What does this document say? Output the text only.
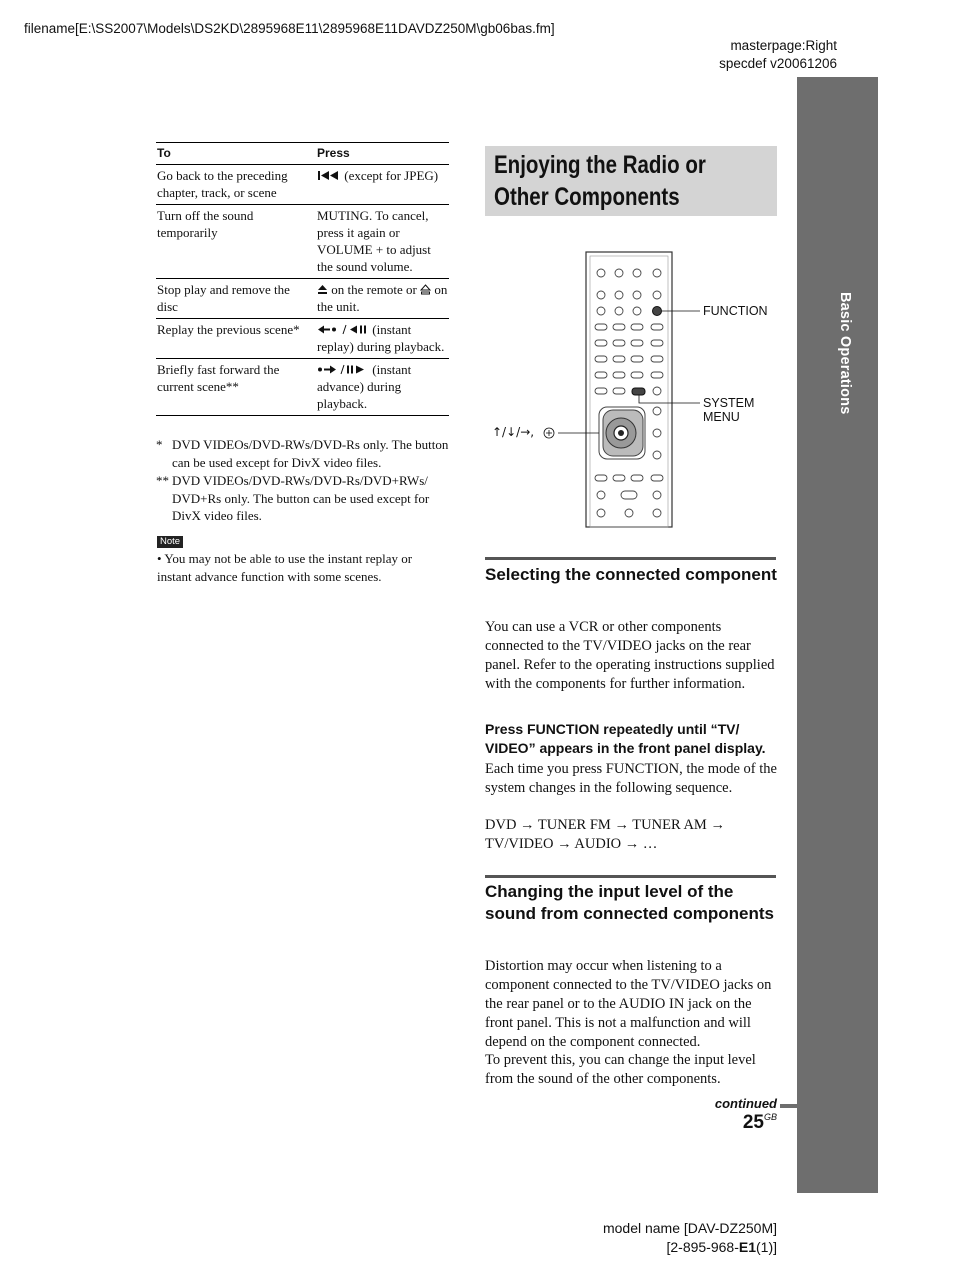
filename[E:\SS2007\Models\DS2KD\2895968E11\2895968E11DAVDZ250M\gb06bas.fm]
masterpage:Right
specdef v20061206
Basic Operations
To	Press
Go back to the preceding chapter, track, or scene	(except for JPEG)
Turn off the sound temporarily	MUTING. To cancel, press it again or VOLUME + to adjust the sound volume.
Stop play and remove the disc	on the remote or on the unit.
Replay the previous scene*	(instant replay) during playback.
Briefly fast forward the current scene**	(instant advance) during playback.
* DVD VIDEOs/DVD-RWs/DVD-Rs only. The button can be used except for DivX video files.
** DVD VIDEOs/DVD-RWs/DVD-Rs/DVD+RWs/ DVD+Rs only. The button can be used except for DivX video files.
Note
• You may not be able to use the instant replay or instant advance function with some scenes.
Enjoying the Radio or
Other Components
FUNCTION
SYSTEM
MENU
↑/↓/→,
Selecting the connected component
You can use a VCR or other components connected to the TV/VIDEO jacks on the rear panel. Refer to the operating instructions supplied with the components for further information.
Press FUNCTION repeatedly until “TV/ VIDEO” appears in the front panel display.
Each time you press FUNCTION, the mode of the system changes in the following sequence.
DVD → TUNER FM → TUNER AM →
TV/VIDEO → AUDIO → …
Changing the input level of the sound from connected components
Distortion may occur when listening to a component connected to the TV/VIDEO jacks on the rear panel or to the AUDIO IN jack on the front panel. This is not a malfunction and will depend on the component connected.
To prevent this, you can change the input level from the sound of the other components.
continued
$25^{GB}$
model name [DAV-DZ250M]
[2-895-968-E1(1)]
